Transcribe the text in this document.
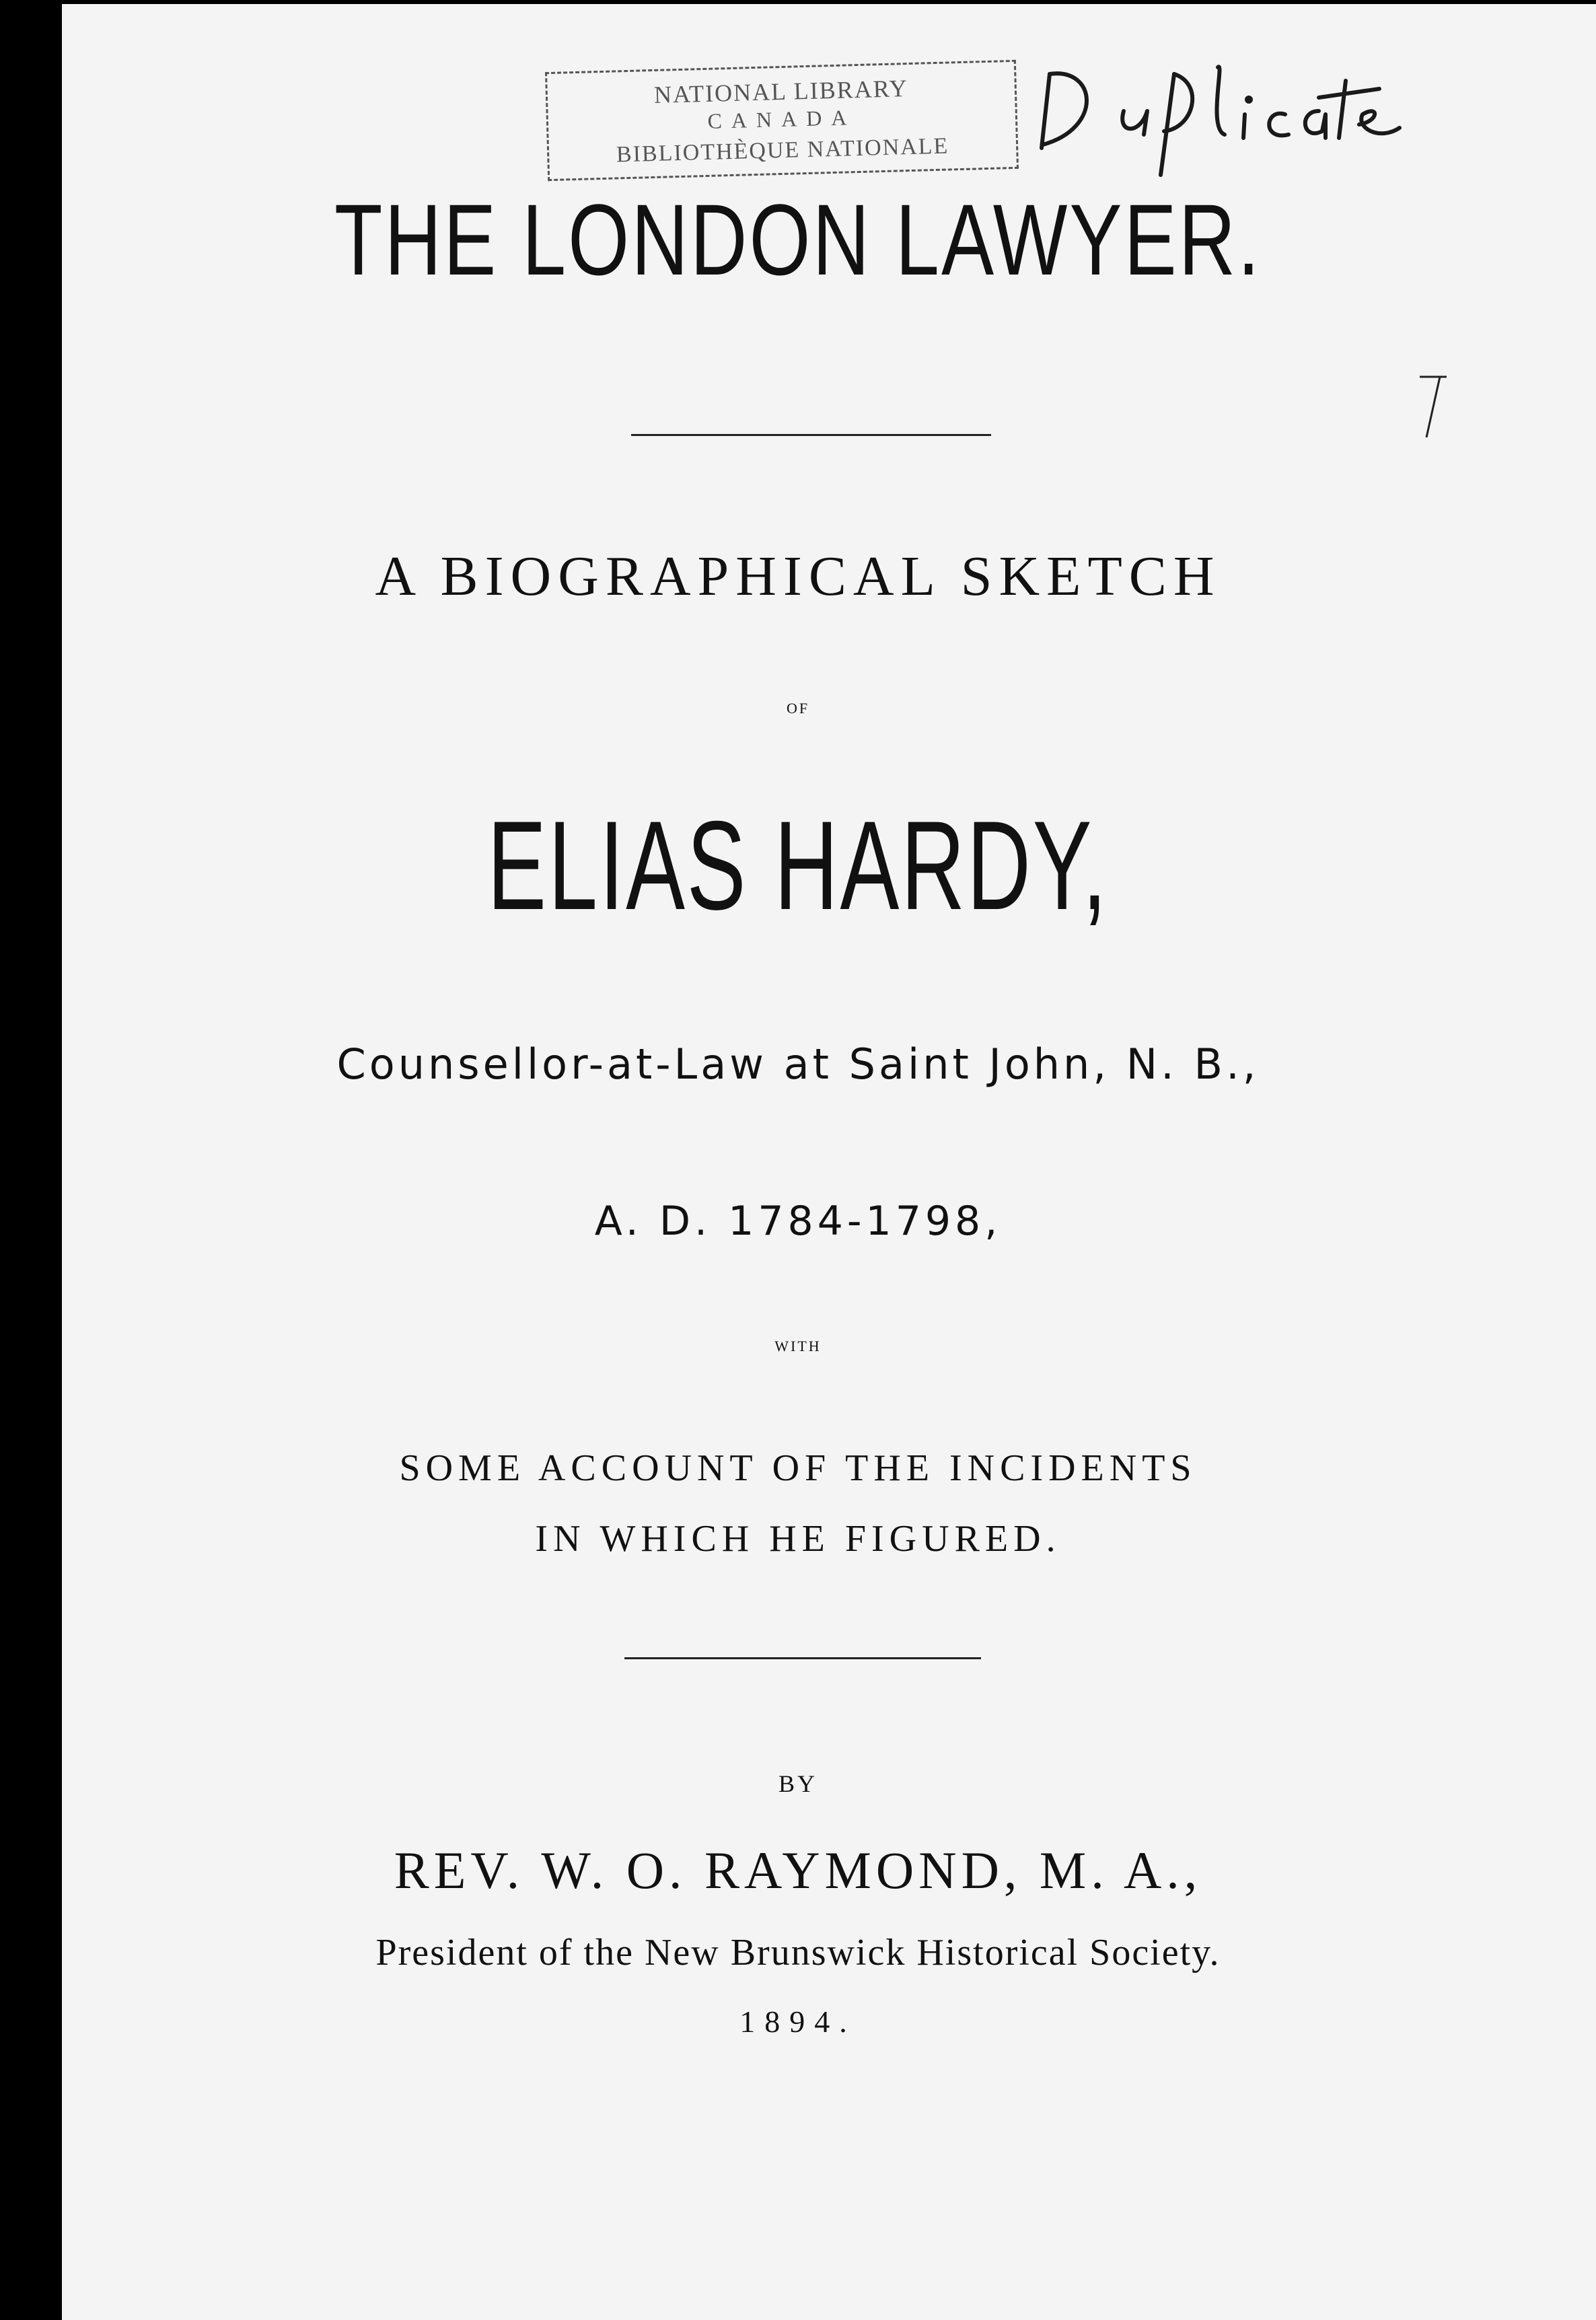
NATIONAL LIBRARY
CANADA
BIBLIOTHÈQUE NATIONALE
Duplicate
THE LONDON LAWYER.
A BIOGRAPHICAL SKETCH
OF
ELIAS HARDY,
Counsellor-at-Law at Saint John, N. B.,
A. D. 1784-1798,
WITH
SOME ACCOUNT OF THE INCIDENTS
IN WHICH HE FIGURED.
BY
REV. W. O. RAYMOND, M. A.,
President of the New Brunswick Historical Society.
1894.
